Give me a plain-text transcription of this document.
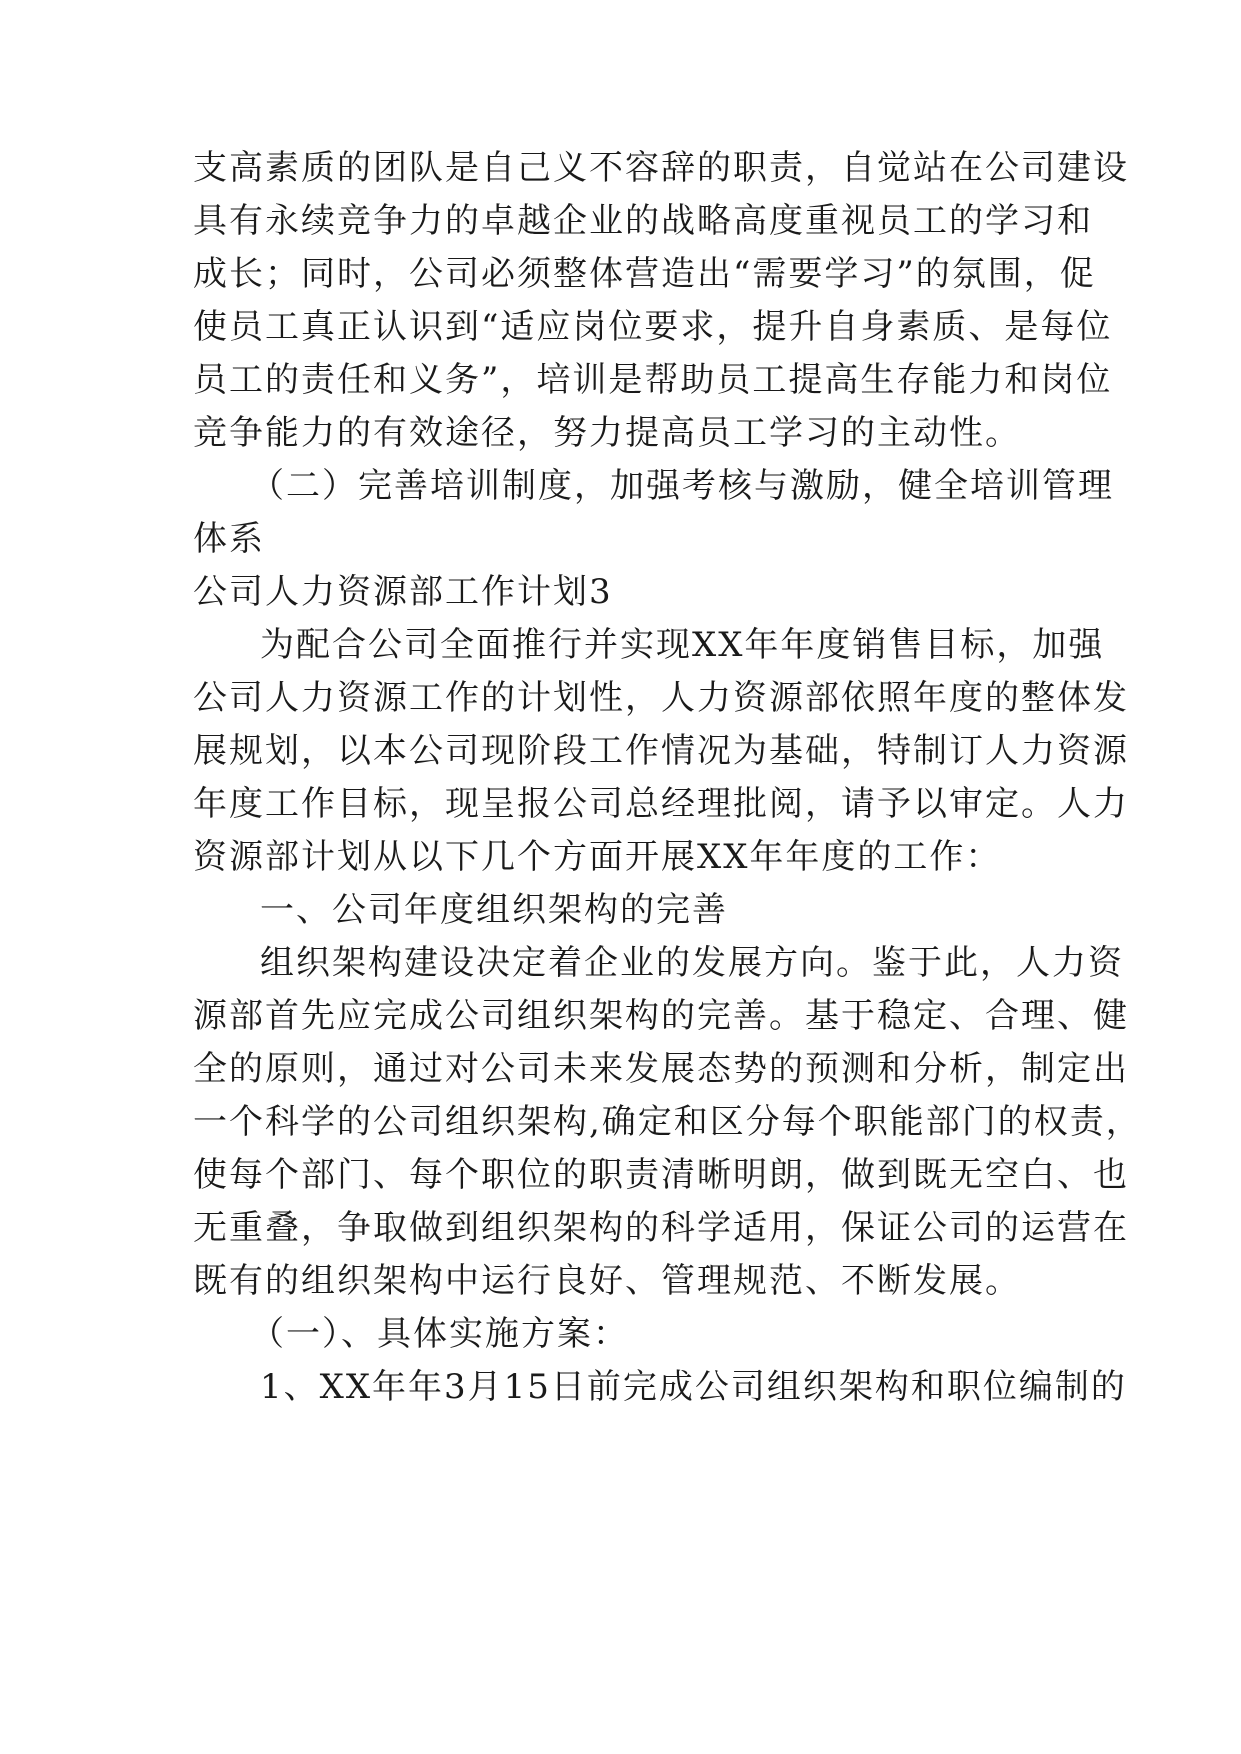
支高素质的团队是自己义不容辞的职责，自觉站在公司建设
具有永续竞争力的卓越企业的战略高度重视员工的学习和
成长；同时，公司必须整体营造出“需要学习”的氛围，促
使员工真正认识到“适应岗位要求，提升自身素质、是每位
员工的责任和义务”，培训是帮助员工提高生存能力和岗位
竞争能力的有效途径，努力提高员工学习的主动性。
（二）完善培训制度，加强考核与激励，健全培训管理
体系
公司人力资源部工作计划3
为配合公司全面推行并实现XX年年度销售目标，加强
公司人力资源工作的计划性，人力资源部依照年度的整体发
展规划，以本公司现阶段工作情况为基础，特制订人力资源
年度工作目标，现呈报公司总经理批阅，请予以审定。人力
资源部计划从以下几个方面开展XX年年度的工作：
一、公司年度组织架构的完善
组织架构建设决定着企业的发展方向。鉴于此，人力资
源部首先应完成公司组织架构的完善。基于稳定、合理、健
全的原则，通过对公司未来发展态势的预测和分析，制定出
一个科学的公司组织架构,确定和区分每个职能部门的权责，
使每个部门、每个职位的职责清晰明朗，做到既无空白、也
无重叠，争取做到组织架构的科学适用，保证公司的运营在
既有的组织架构中运行良好、管理规范、不断发展。
（一）、具体实施方案：
1、XX年年3月15日前完成公司组织架构和职位编制的
